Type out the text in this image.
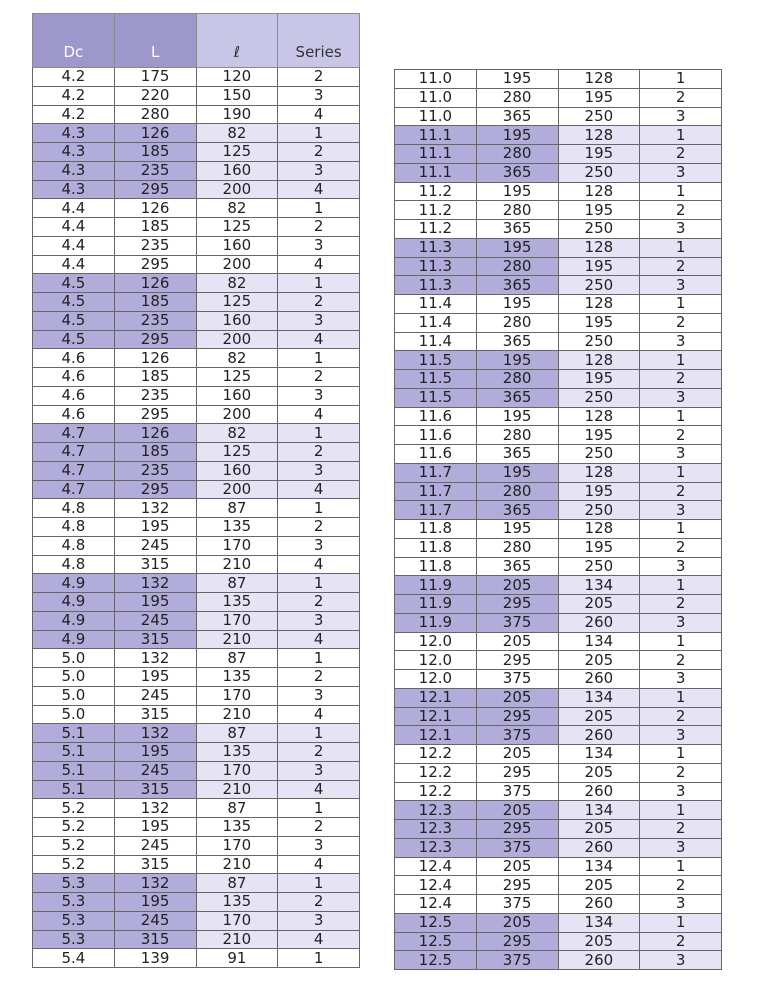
Dc	L	ℓ	Series
4.2	175	120	2
4.2	220	150	3
4.2	280	190	4
4.3	126	82	1
4.3	185	125	2
4.3	235	160	3
4.3	295	200	4
4.4	126	82	1
4.4	185	125	2
4.4	235	160	3
4.4	295	200	4
4.5	126	82	1
4.5	185	125	2
4.5	235	160	3
4.5	295	200	4
4.6	126	82	1
4.6	185	125	2
4.6	235	160	3
4.6	295	200	4
4.7	126	82	1
4.7	185	125	2
4.7	235	160	3
4.7	295	200	4
4.8	132	87	1
4.8	195	135	2
4.8	245	170	3
4.8	315	210	4
4.9	132	87	1
4.9	195	135	2
4.9	245	170	3
4.9	315	210	4
5.0	132	87	1
5.0	195	135	2
5.0	245	170	3
5.0	315	210	4
5.1	132	87	1
5.1	195	135	2
5.1	245	170	3
5.1	315	210	4
5.2	132	87	1
5.2	195	135	2
5.2	245	170	3
5.2	315	210	4
5.3	132	87	1
5.3	195	135	2
5.3	245	170	3
5.3	315	210	4
5.4	139	91	1
11.0	195	128	1
11.0	280	195	2
11.0	365	250	3
11.1	195	128	1
11.1	280	195	2
11.1	365	250	3
11.2	195	128	1
11.2	280	195	2
11.2	365	250	3
11.3	195	128	1
11.3	280	195	2
11.3	365	250	3
11.4	195	128	1
11.4	280	195	2
11.4	365	250	3
11.5	195	128	1
11.5	280	195	2
11.5	365	250	3
11.6	195	128	1
11.6	280	195	2
11.6	365	250	3
11.7	195	128	1
11.7	280	195	2
11.7	365	250	3
11.8	195	128	1
11.8	280	195	2
11.8	365	250	3
11.9	205	134	1
11.9	295	205	2
11.9	375	260	3
12.0	205	134	1
12.0	295	205	2
12.0	375	260	3
12.1	205	134	1
12.1	295	205	2
12.1	375	260	3
12.2	205	134	1
12.2	295	205	2
12.2	375	260	3
12.3	205	134	1
12.3	295	205	2
12.3	375	260	3
12.4	205	134	1
12.4	295	205	2
12.4	375	260	3
12.5	205	134	1
12.5	295	205	2
12.5	375	260	3
